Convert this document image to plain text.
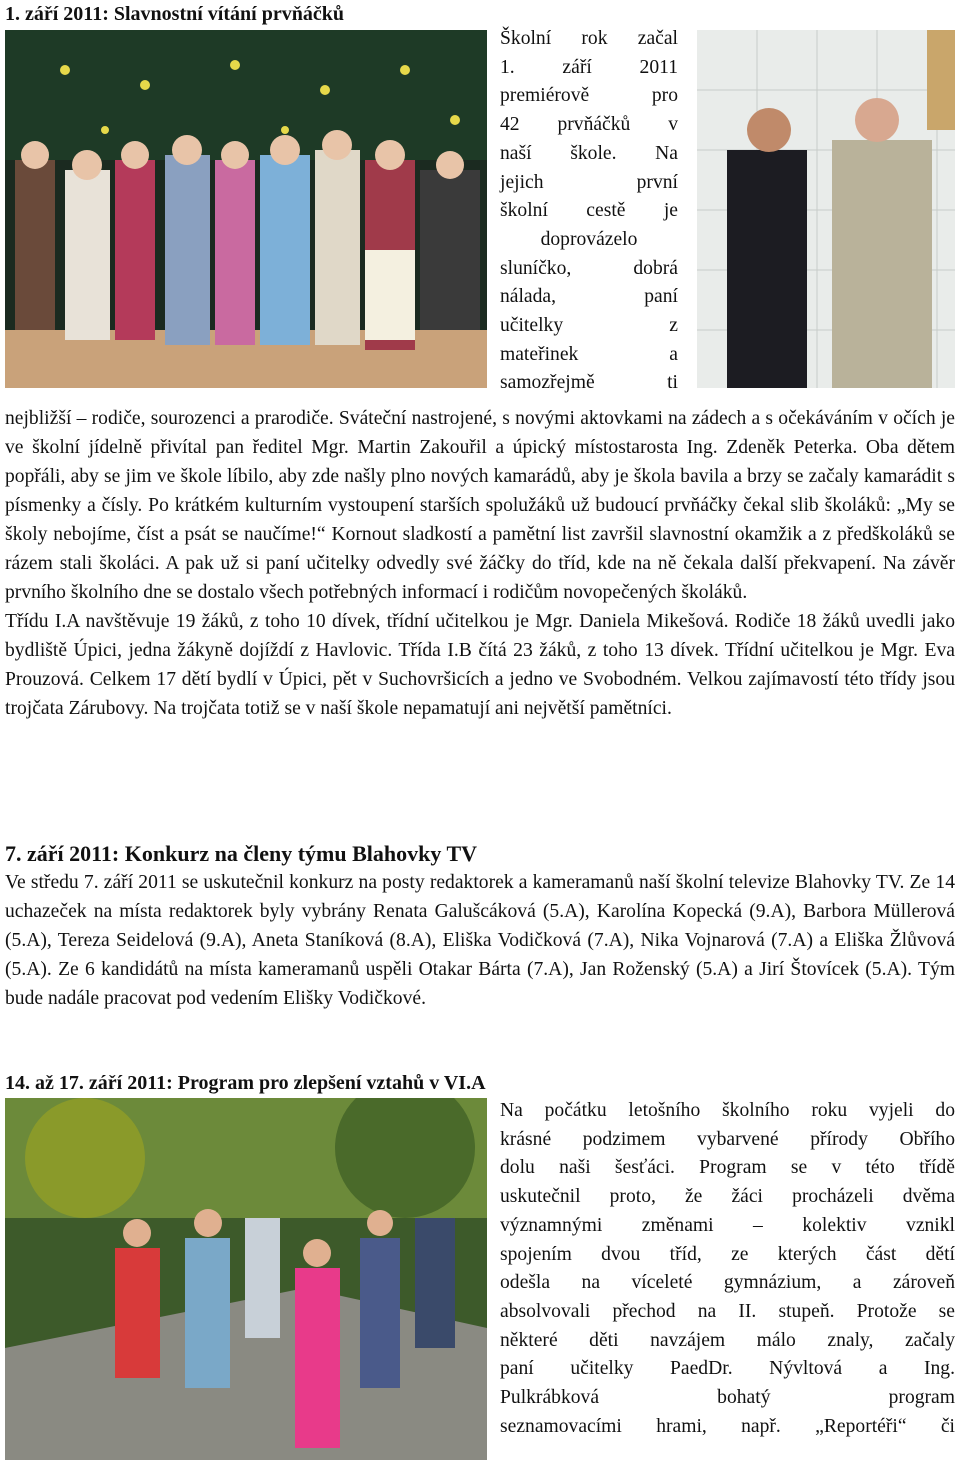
1. září 2011: Slavnostní vítání prvňáčků
Školní rok začal
1. září 2011
premiérově pro
42 prvňáčků v
naší škole. Na
jejich první
školní cestě je
doprovázelo
sluníčko, dobrá
nálada, paní
učitelky z
mateřinek a
samozřejmě ti

nejbližší – rodiče, sourozenci a prarodiče. Sváteční nastrojené, s novými aktovkami na zádech a s očekáváním v očích je ve školní jídelně přivítal pan ředitel Mgr. Martin Zakouřil a úpický místostarosta Ing. Zdeněk Peterka. Oba dětem popřáli, aby se jim ve škole líbilo, aby zde našly plno nových kamarádů, aby je škola bavila a brzy se začaly kamarádit s písmenky a čísly. Po krátkém kulturním vystoupení starších spolužáků už budoucí prvňáčky čekal slib školáků: „My se školy nebojíme, číst a psát se naučíme!“ Kornout sladkostí a pamětní list završil slavnostní okamžik a z předškoláků se rázem stali školáci. A pak už si paní učitelky odvedly své žáčky do tříd, kde na ně čekala další překvapení. Na závěr prvního školního dne se dostalo všech potřebných informací i rodičům novopečených školáků.

Třídu I.A navštěvuje 19 žáků, z toho 10 dívek, třídní učitelkou je Mgr. Daniela Mikešová. Rodiče 18 žáků uvedli jako bydliště Úpici, jedna žákyně dojíždí z Havlovic. Třída I.B čítá 23 žáků, z toho 13 dívek. Třídní učitelkou je Mgr. Eva Prouzová. Celkem 17 dětí bydlí v Úpici, pět v Suchovršicích a jedno ve Svobodném. Velkou zajímavostí této třídy jsou trojčata Zárubovy. Na trojčata totiž se v naší škole nepamatují ani největší pamětníci.

7. září 2011: Konkurz na členy týmu Blahovky TV

Ve středu 7. září 2011 se uskutečnil konkurz na posty redaktorek a kameramanů naší školní televize Blahovky TV. Ze 14 uchazeček na místa redaktorek byly vybrány Renata Galušcáková (5.A), Karolína Kopecká (9.A), Barbora Müllerová (5.A), Tereza Seidelová (9.A), Aneta Staníková (8.A), Eliška Vodičková (7.A), Nika Vojnarová (7.A) a Eliška Žlůvová (5.A). Ze 6 kandidátů na místa kameramanů uspěli Otakar Bárta (7.A), Jan Roženský (5.A) a Jirí Štovícek (5.A). Tým bude nadále pracovat pod vedením Elišky Vodičkové.

14. až 17. září 2011: Program pro zlepšení vztahů v VI.A
Na počátku letošního školního roku vyjeli do
krásné podzimem vybarvené přírody Obřího
dolu naši šesťáci. Program se v této třídě
uskutečnil proto, že žáci procházeli dvěma
významnými změnami – kolektiv vznikl
spojením dvou tříd, ze kterých část dětí
odešla na víceleté gymnázium, a zároveň
absolvovali přechod na II. stupeň. Protože se
některé děti navzájem málo znaly, začaly
paní učitelky PaedDr. Nývltová a Ing.
Pulkrábková bohatý program
seznamovacími hrami, např. „Reportéři“ či
